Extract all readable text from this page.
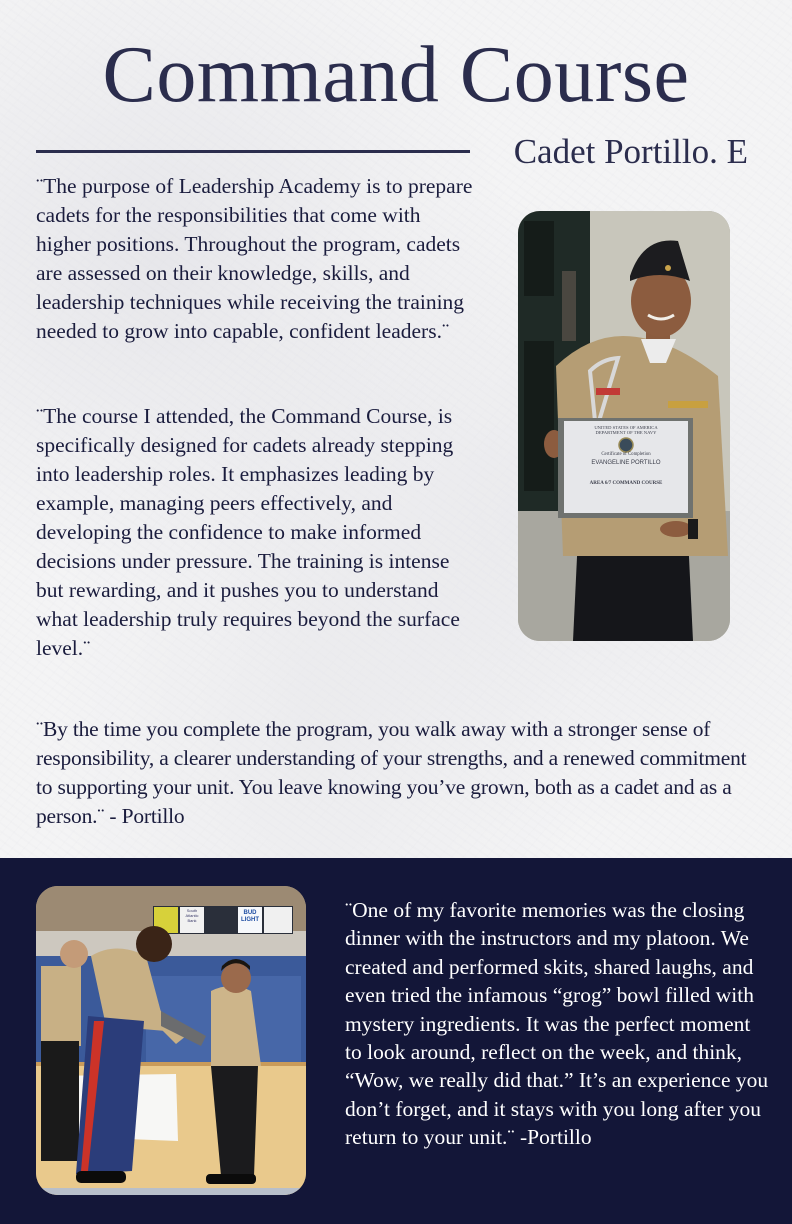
Command Course
Cadet Portillo. E

¨The purpose of Leadership Academy is to prepare cadets for the responsibilities that come with higher positions. Throughout the program, cadets are assessed on their knowledge, skills, and leadership techniques while receiving the training needed to grow into capable, confident leaders.¨

¨The course I attended, the Command Course, is specifically designed for cadets already stepping into leadership roles. It emphasizes leading by example, managing peers effectively, and developing the confidence to make informed decisions under pressure. The training is intense but rewarding, and it pushes you to understand what leadership truly requires beyond the surface level.¨

¨By the time you complete the program, you walk away with a stronger sense of responsibility, a clearer understanding of your strengths, and a renewed commitment to supporting your unit. You leave knowing you’ve grown, both as a cadet and as a person.¨ - Portillo

UNITED STATES OF AMERICA
DEPARTMENT OF THE NAVY
Certificate of Completion
EVANGELINE PORTILLO
AREA 6/7 COMMAND COURSE
South Atlantic Bank
BUD LIGHT	¨One of my favorite memories was the closing dinner with the instructors and my platoon. We created and performed skits, shared laughs, and even tried the infamous “grog” bowl filled with mystery ingredients. It was the perfect moment to look around, reflect on the week, and think, “Wow, we really did that.” It’s an experience you don’t forget, and it stays with you long after you return to your unit.¨ -Portillo
